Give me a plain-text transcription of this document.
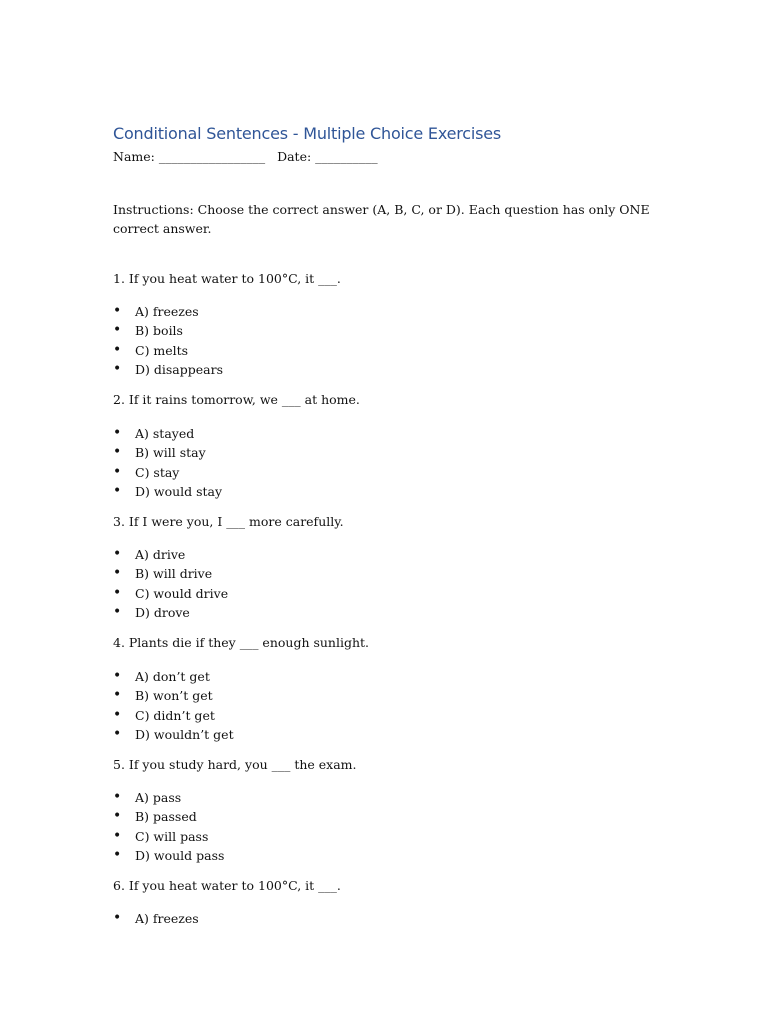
Conditional Sentences - Multiple Choice Exercises
Name: _________________ Date: __________

Instructions: Choose the correct answer (A, B, C, or D). Each question has only ONE correct answer.

1. If you heat water to 100°C, it ___.

• A) freezes
• B) boils
• C) melts
• D) disappears

2. If it rains tomorrow, we ___ at home.

• A) stayed
• B) will stay
• C) stay
• D) would stay

3. If I were you, I ___ more carefully.

• A) drive
• B) will drive
• C) would drive
• D) drove

4. Plants die if they ___ enough sunlight.

• A) don’t get
• B) won’t get
• C) didn’t get
• D) wouldn’t get

5. If you study hard, you ___ the exam.

• A) pass
• B) passed
• C) will pass
• D) would pass

6. If you heat water to 100°C, it ___.

• A) freezes
